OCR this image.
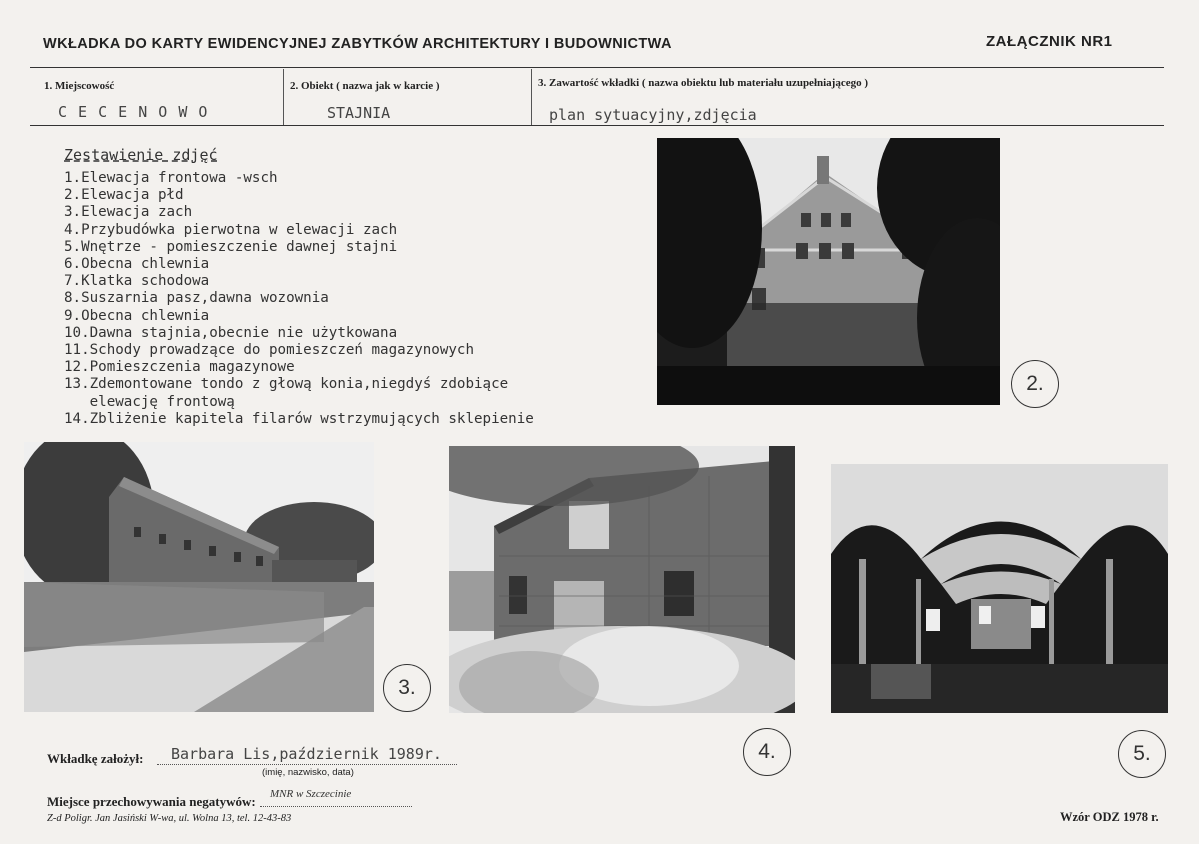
WKŁADKA DO KARTY EWIDENCYJNEJ ZABYTKÓW ARCHITEKTURY I BUDOWNICTWA	ZAŁĄCZNIK NR1
1. Miejscowość
C E C E N O W O
2. Obiekt ( nazwa jak w karcie )
STAJNIA
3. Zawartość wkładki ( nazwa obiektu lub materiału uzupełniającego )
plan sytuacyjny,zdjęcia
Zestawienie zdjęć
1.Elewacja frontowa -wsch
2.Elewacja płd
3.Elewacja zach
4.Przybudówka pierwotna w elewacji zach
5.Wnętrze - pomieszczenie dawnej stajni
6.Obecna chlewnia
7.Klatka schodowa
8.Suszarnia pasz,dawna wozownia
9.Obecna chlewnia
10.Dawna stajnia,obecnie nie użytkowana
11.Schody prowadzące do pomieszczeń magazynowych
12.Pomieszczenia magazynowe
13.Zdemontowane tondo z głową konia,niegdyś zdobiące
elewację frontową
14.Zbliżenie kapitela filarów wstrzymujących sklepienie
2.
3.
4.	5.
Wkładkę założył: Barbara Lis,październik 1989r.
(imię, nazwisko, data)
Miejsce przechowywania negatywów: MNR w Szczecinie
Z-d Poligr. Jan Jasiński W-wa, ul. Wolna 13, tel. 12-43-83	Wzór ODZ 1978 r.
